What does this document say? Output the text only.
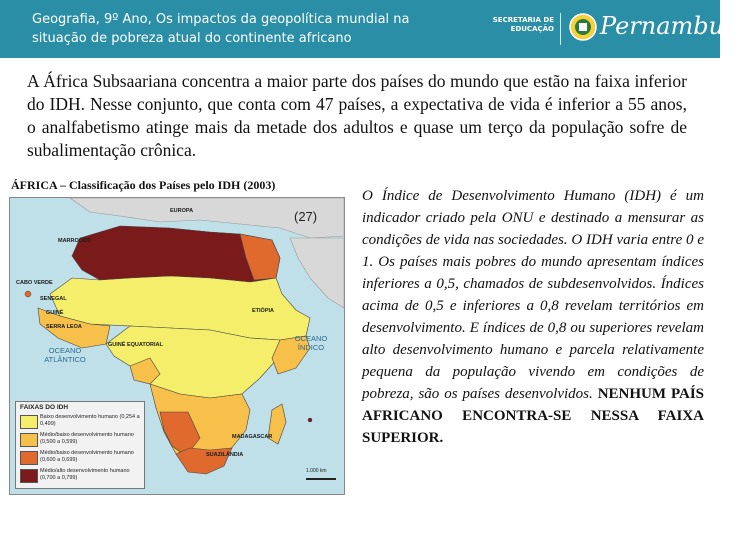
Geografia, 9º Ano, Os impactos da geopolítica mundial na situação de pobreza atual do continente africano
SECRETARIA DE EDUCAÇÃO Pernambuco
A África Subsaariana concentra a maior parte dos países do mundo que estão na faixa inferior do IDH. Nesse conjunto, que conta com 47 países, a expectativa de vida é inferior a 55 anos, o analfabetismo atinge mais da metade dos adultos e quase um terço da população sofre de subalimentação crônica.
ÁFRICA – Classificação dos Países pelo IDH (2003)
(27)
OCEANO ATLÂNTICO
OCEANO ÍNDICO
EUROPA
MARROCOS
CABO VERDE
SENEGAL
GUINÉ
SERRA LEOA
GUINÉ EQUATORIAL
ETIÓPIA
MADAGASCAR
SUAZILÂNDIA
1.000 km
FAIXAS DO IDH
Baixo desenvolvimento humano (0,254 a 0,499)
Médio/baixo desenvolvimento humano (0,500 a 0,599)
Médio/baixo desenvolvimento humano (0,600 a 0,699)
Médio/alto desenvolvimento humano (0,700 a 0,799)
O Índice de Desenvolvimento Humano (IDH) é um indicador criado pela ONU e destinado a mensurar as condições de vida nas sociedades. O IDH varia entre 0 e 1. Os países mais pobres do mundo apresentam índices inferiores a 0,5, chamados de subdesenvolvidos. Índices acima de 0,5 e inferiores a 0,8 revelam territórios em desenvolvimento. E índices de 0,8 ou superiores revelam alto desenvolvimento humano e parcela relativamente pequena da população vivendo em condições de pobreza, são os países desenvolvidos. NENHUM PAÍS AFRICANO ENCONTRA-SE NESSA FAIXA SUPERIOR.
